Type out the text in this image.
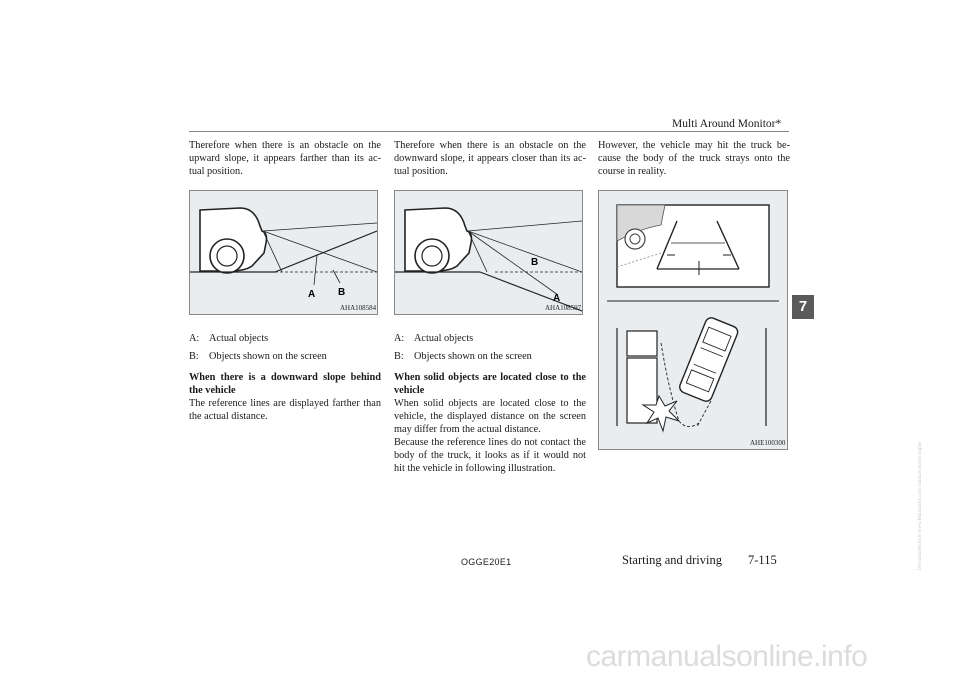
Multi Around Monitor*
7

Therefore when there is an obstacle on the upward slope, it appears farther than its ac-tual position.

A B
AHA108584
A: Actual objects
B: Objects shown on the screen

When there is a downward slope behind the vehicle

The reference lines are displayed farther than the actual distance.

Therefore when there is an obstacle on the downward slope, it appears closer than its ac-tual position.

B
A
AHA108597
A: Actual objects
B: Objects shown on the screen

When solid objects are located close to the vehicle

When solid objects are located close to the vehicle, the displayed distance on the screen may differ from the actual distance.

Because the reference lines do not contact the body of the truck, it looks as if it would not hit the vehicle in following illustration.

However, the vehicle may hit the truck be-cause the body of the truck strays onto the course in reality.

AHE100300
OGGE20E1	Starting and driving 7-115
carmanualsonline.info
Downloaded from www.Manualslib.com manuals search engine
